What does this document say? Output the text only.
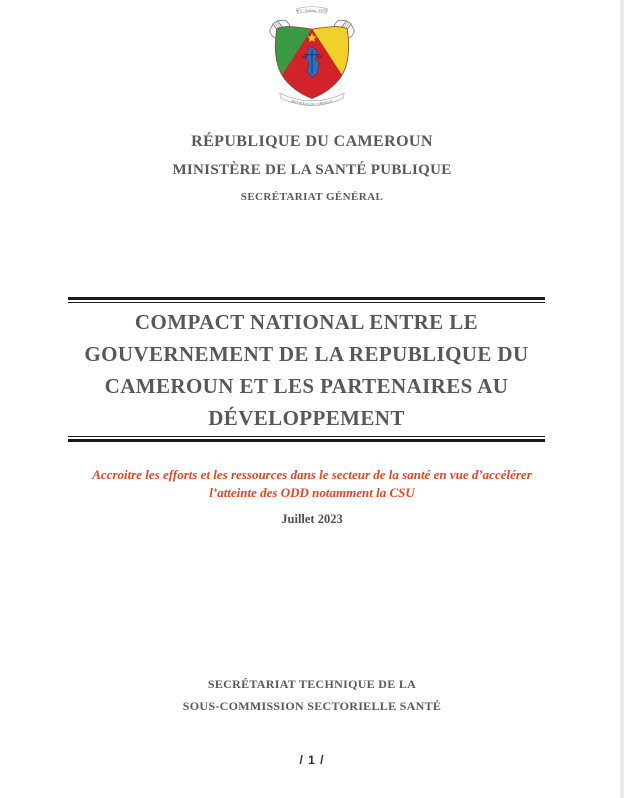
PAIX - TRAVAIL - PATRIE
RÉPUBLIQUE DU CAMEROUN
RÉPUBLIQUE DU CAMEROUN
MINISTÈRE DE LA SANTÉ PUBLIQUE
SECRÉTARIAT GÉNÉRAL
COMPACT NATIONAL ENTRE LE
GOUVERNEMENT DE LA REPUBLIQUE DU
CAMEROUN ET LES PARTENAIRES AU
DÉVELOPPEMENT
Accroitre les efforts et les ressources dans le secteur de la santé en vue d’accélérer
l’atteinte des ODD notamment la CSU
Juillet 2023
SECRÉTARIAT TECHNIQUE DE LA
SOUS-COMMISSION SECTORIELLE SANTÉ
/ 1 /
